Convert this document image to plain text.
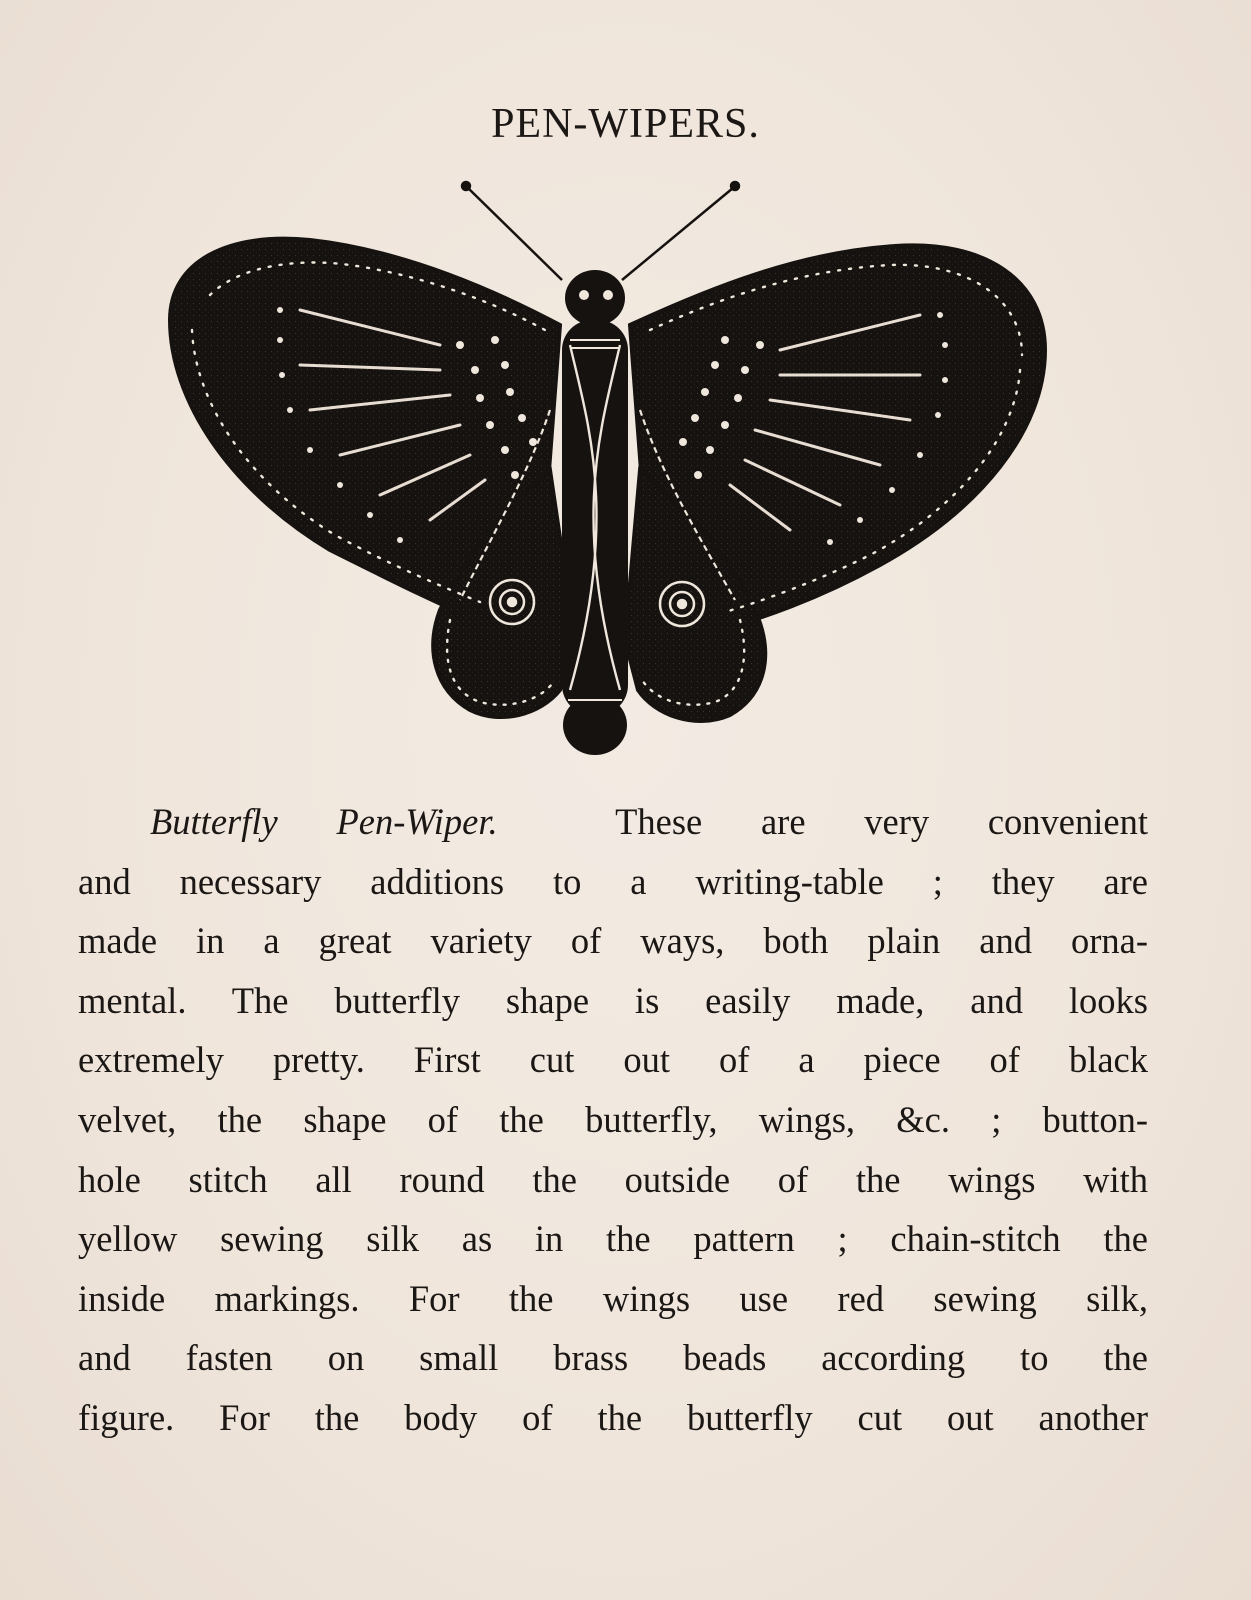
PEN-WIPERS.
Butterfly Pen-Wiper.	These are very convenient
and necessary additions to a writing-table ; they are
made in a great variety of ways, both plain and orna-
mental. The butterfly shape is easily made, and looks
extremely pretty. First cut out of a piece of black
velvet, the shape of the butterfly, wings, &c. ; button-
hole stitch all round the outside of the wings with
yellow sewing silk as in the pattern ; chain-stitch the
inside markings. For the wings use red sewing silk,
and fasten on small brass beads according to the
figure. For the body of the butterfly cut out another
